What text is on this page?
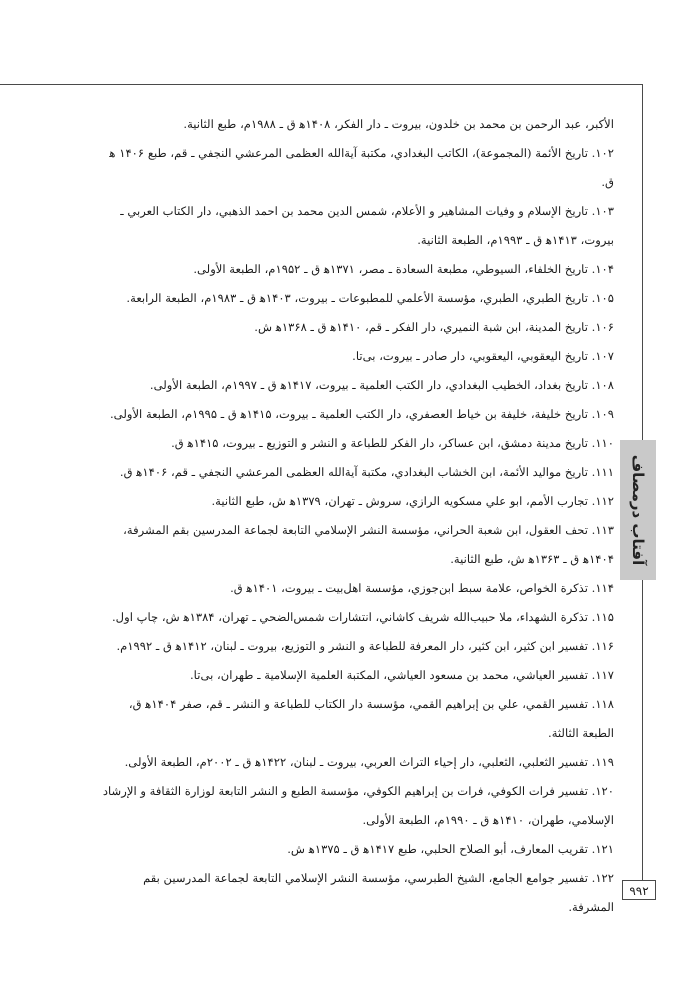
آفتاب درمصاف

الأكبر، عبد الرحمن بن محمد بن خلدون، بيروت ـ دار الفكر، ۱۴۰۸ه‍ ق ـ ۱۹۸۸م، طبع الثانية.

۱۰۲. تاريخ الأئمة (المجموعة)، الكاتب البغدادي، مكتبة آيةالله العظمى المرعشي النجفي ـ قم، طبع ۱۴۰۶ ه‍ ق.

۱۰۳. تاريخ الإسلام و وفيات المشاهير و الأعلام، شمس الدين محمد بن احمد الذهبي، دار الكتاب العربي ـ بيروت، ۱۴۱۳ه‍ ق ـ ۱۹۹۳م، الطبعة الثانية.

۱۰۴. تاريخ الخلفاء، السيوطي، مطبعة السعادة ـ مصر، ۱۳۷۱ه‍ ق ـ ۱۹۵۲م، الطبعة الأولی.

۱۰۵. تاريخ الطبري، الطبري، مؤسسة الأعلمي للمطبوعات ـ بيروت، ۱۴۰۳ه‍ ق ـ ۱۹۸۳م، الطبعة الرابعة.

۱۰۶. تاريخ المدينة، ابن شبة النميري، دار الفكر ـ قم، ۱۴۱۰ه‍ ق ـ ۱۳۶۸ه‍ ش.

۱۰۷. تاريخ اليعقوبي، اليعقوبي، دار صادر ـ بيروت، بی‌تا.

۱۰۸. تاريخ بغداد، الخطيب البغدادي، دار الكتب العلمية ـ بيروت، ۱۴۱۷ه‍ ق ـ ۱۹۹۷م، الطبعة الأولی.

۱۰۹. تاريخ خليفة، خليفة بن خياط العصفري، دار الكتب العلمية ـ بيروت، ۱۴۱۵ه‍ ق ـ ۱۹۹۵م، الطبعة الأولی.

۱۱۰. تاريخ مدينة دمشق، ابن عساكر، دار الفكر للطباعة و النشر و التوزيع ـ بيروت، ۱۴۱۵ه‍ ق.

۱۱۱. تاريخ مواليد الأئمة، ابن الخشاب البغدادي، مكتبة آيةالله العظمى المرعشي النجفي ـ قم، ۱۴۰۶ه‍ ق.

۱۱۲. تجارب الأمم، ابو علي مسكويه الرازي، سروش ـ تهران، ۱۳۷۹ه‍ ش، طبع الثانية.

۱۱۳. تحف العقول، ابن شعبة الحراني، مؤسسة النشر الإسلامي التابعة لجماعة المدرسين بقم المشرفة، ۱۴۰۴ه‍ ق ـ ۱۳۶۳ه‍ ش، طبع الثانية.

۱۱۴. تذكرة الخواص، علامة سبط ابن‌جوزي، مؤسسة اهل‌بيت ـ بيروت، ۱۴۰۱ه‍ ق.

۱۱۵. تذكرة الشهداء، ملا حبيب‌الله شريف كاشاني، انتشارات شمس‌الضحي ـ تهران، ۱۳۸۴ه‍ ش، چاپ اول.

۱۱۶. تفسير ابن كثير، ابن كثير، دار المعرفة للطباعة و النشر و التوزيع، بيروت ـ لبنان، ۱۴۱۲ه‍ ق ـ ۱۹۹۲م.

۱۱۷. تفسير العياشي، محمد بن مسعود العياشي، المكتبة العلمية الإسلامية ـ طهران، بی‌تا.

۱۱۸. تفسير القمي، علي بن إبراهيم القمي، مؤسسة دار الكتاب للطباعة و النشر ـ قم، صفر ۱۴۰۴ه‍ ق، الطبعة الثالثة.

۱۱۹. تفسير الثعلبي، الثعلبي، دار إحياء التراث العربي، بيروت ـ لبنان، ۱۴۲۲ه‍ ق ـ ۲۰۰۲م، الطبعة الأولی.

۱۲۰. تفسير فرات الكوفي، فرات بن إبراهيم الكوفي، مؤسسة الطبع و النشر التابعة لوزارة الثقافة و الإرشاد الإسلامي، طهران، ۱۴۱۰ه‍ ق ـ ۱۹۹۰م، الطبعة الأولی.

۱۲۱. تقريب المعارف، أبو الصلاح الحلبي، طبع ۱۴۱۷ه‍ ق ـ ۱۳۷۵ه‍ ش.

۱۲۲. تفسير جوامع الجامع، الشيخ الطبرسي، مؤسسة النشر الإسلامي التابعة لجماعة المدرسين بقم المشرفة.

۹۹۲
